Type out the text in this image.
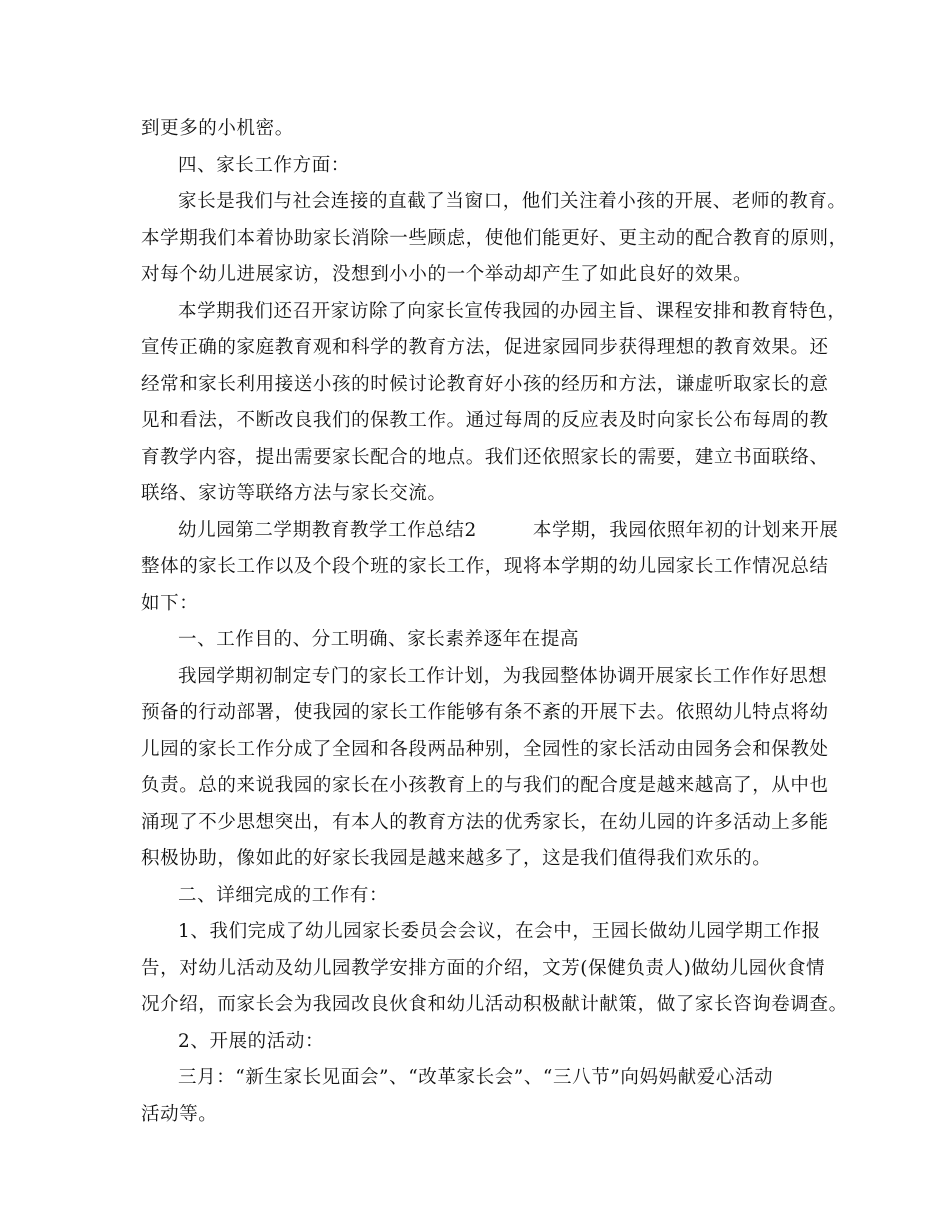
到更多的小机密。
四、家长工作方面：
家长是我们与社会连接的直截了当窗口，他们关注着小孩的开展、老师的教育。
本学期我们本着协助家长消除一些顾虑，使他们能更好、更主动的配合教育的原则，
对每个幼儿进展家访，没想到小小的一个举动却产生了如此良好的效果。
本学期我们还召开家访除了向家长宣传我园的办园主旨、课程安排和教育特色，
宣传正确的家庭教育观和科学的教育方法，促进家园同步获得理想的教育效果。还
经常和家长利用接送小孩的时候讨论教育好小孩的经历和方法，谦虚听取家长的意
见和看法，不断改良我们的保教工作。通过每周的反应表及时向家长公布每周的教
育教学内容，提出需要家长配合的地点。我们还依照家长的需要，建立书面联络、
联络、家访等联络方法与家长交流。
幼儿园第二学期教育教学工作总结2	本学期，我园依照年初的计划来开展
整体的家长工作以及个段个班的家长工作，现将本学期的幼儿园家长工作情况总结
如下：
一、工作目的、分工明确、家长素养逐年在提高
我园学期初制定专门的家长工作计划，为我园整体协调开展家长工作作好思想
预备的行动部署，使我园的家长工作能够有条不紊的开展下去。依照幼儿特点将幼
儿园的家长工作分成了全园和各段两品种别，全园性的家长活动由园务会和保教处
负责。总的来说我园的家长在小孩教育上的与我们的配合度是越来越高了，从中也
涌现了不少思想突出，有本人的教育方法的优秀家长，在幼儿园的许多活动上多能
积极协助，像如此的好家长我园是越来越多了，这是我们值得我们欢乐的。
二、详细完成的工作有：
1、我们完成了幼儿园家长委员会会议，在会中，王园长做幼儿园学期工作报
告，对幼儿活动及幼儿园教学安排方面的介绍，文芳(保健负责人)做幼儿园伙食情
况介绍，而家长会为我园改良伙食和幼儿活动积极献计献策，做了家长咨询卷调查。
2、开展的活动：
三月：“新生家长见面会”、“改革家长会”、“三八节”向妈妈献爱心活动
活动等。
